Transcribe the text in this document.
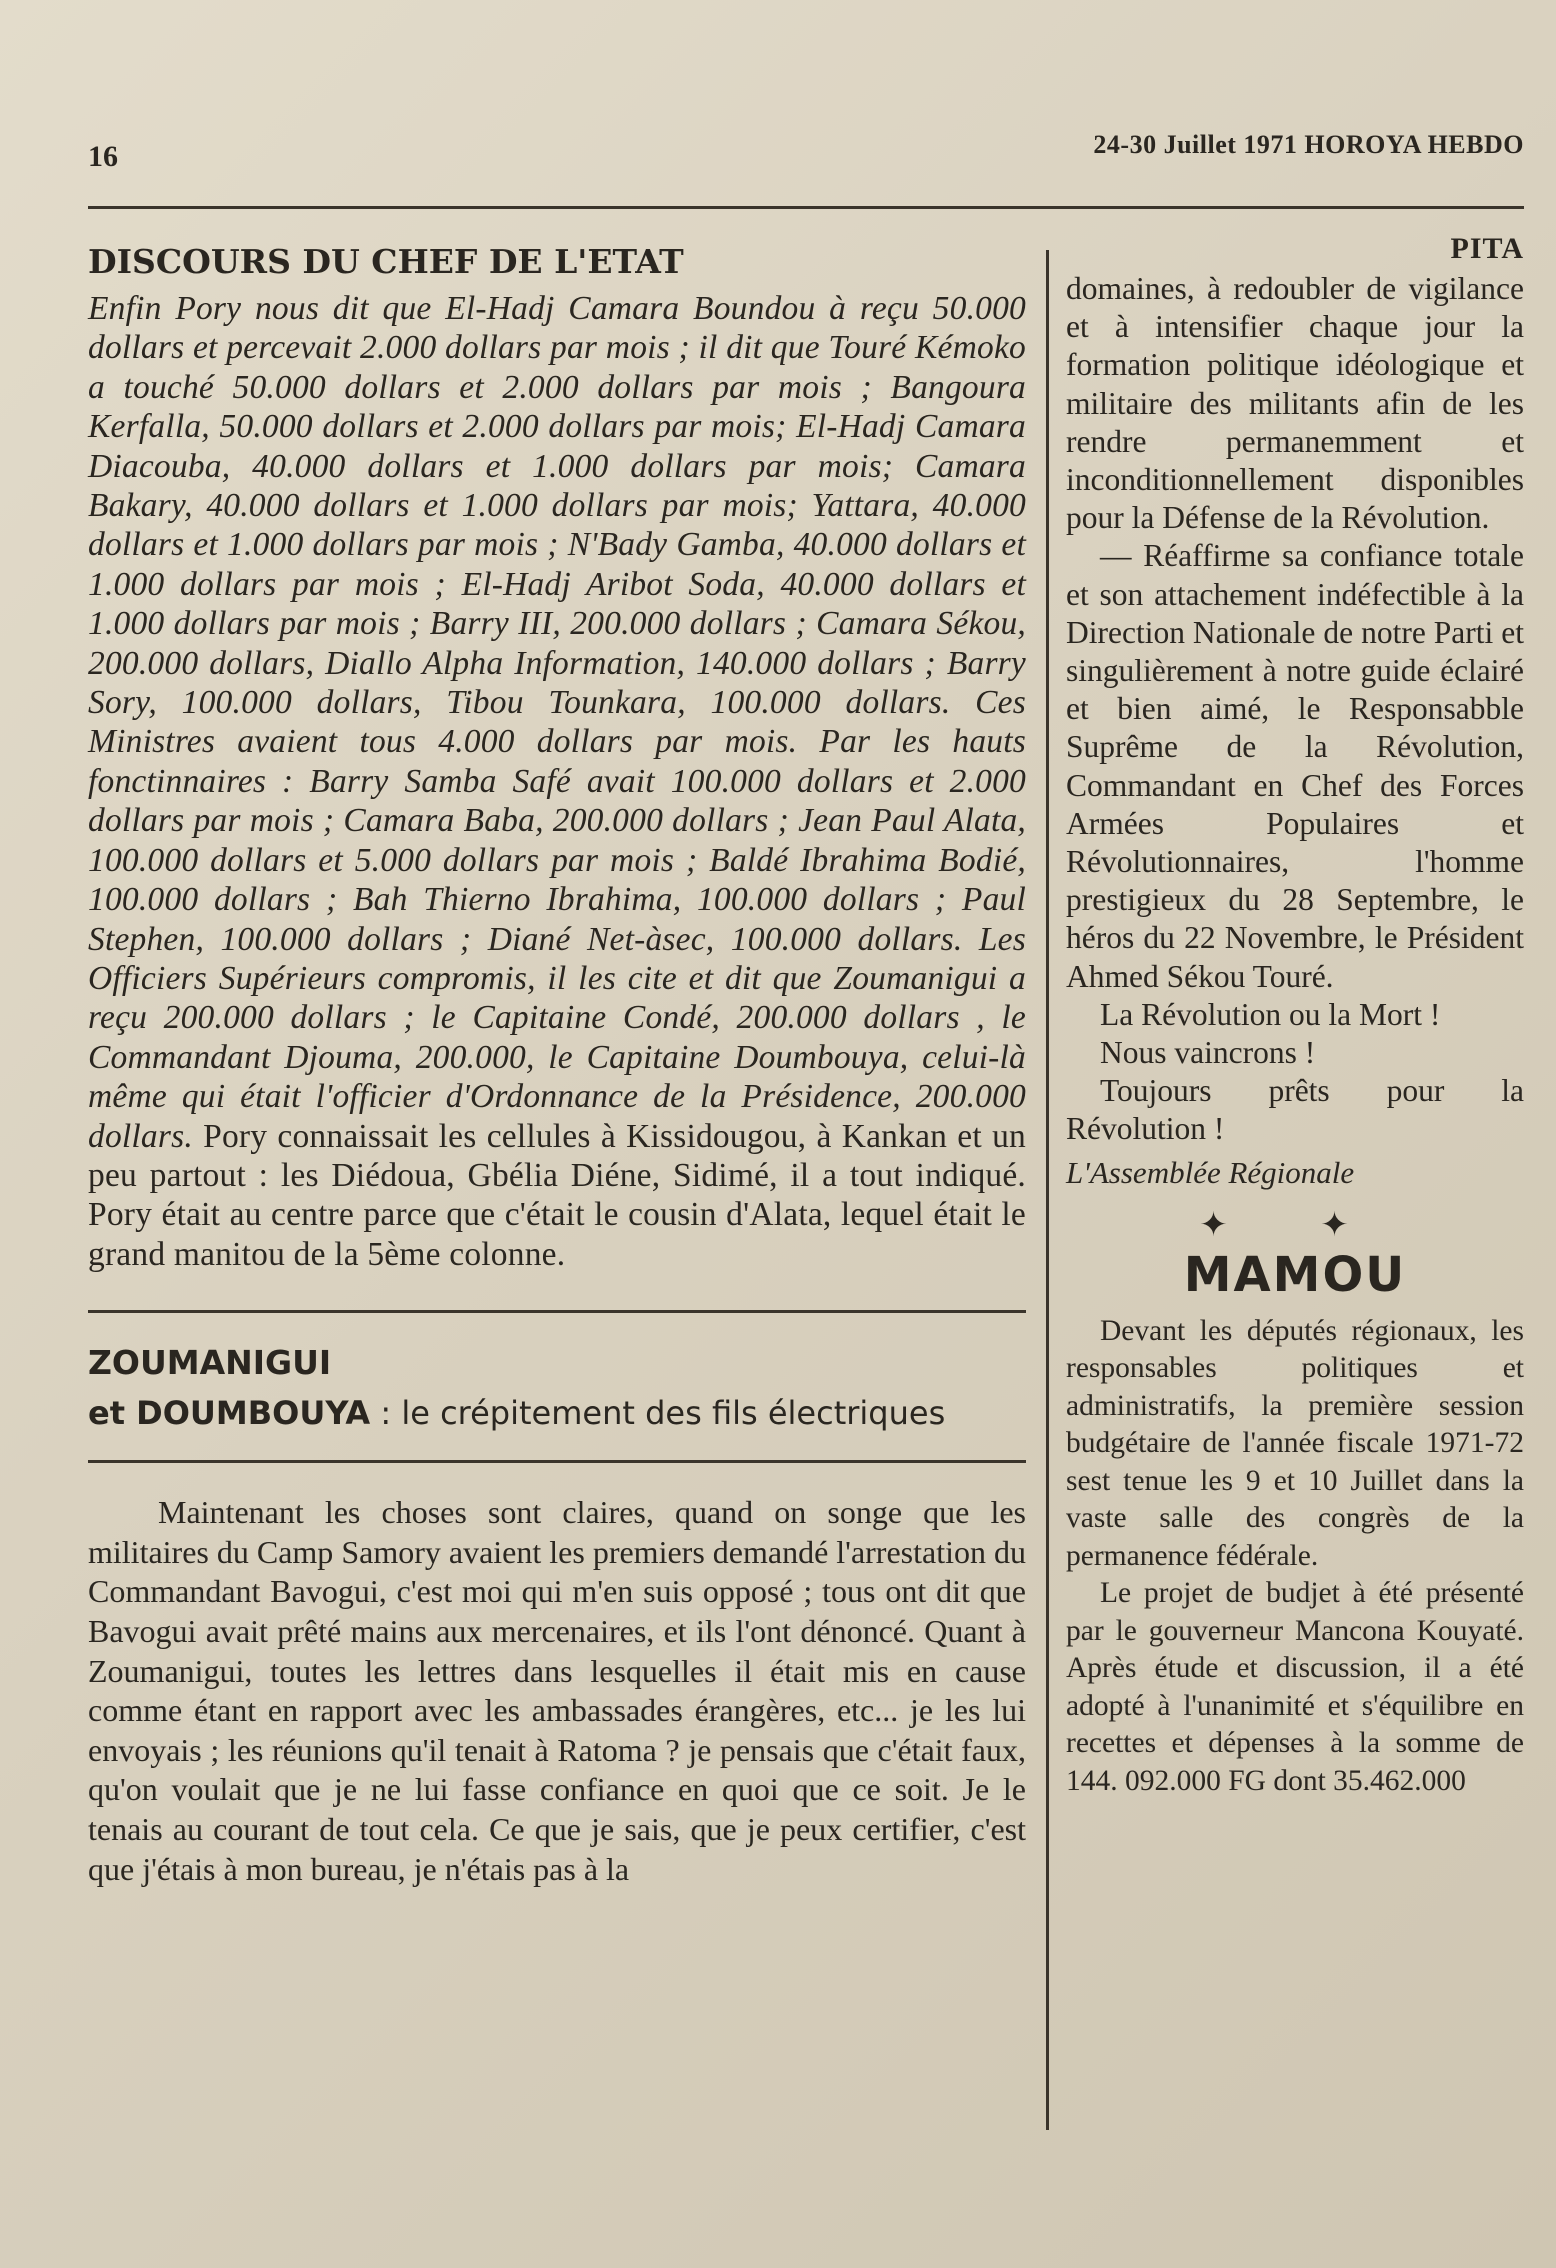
16	24-30 Juillet 1971 HOROYA HEBDO
DISCOURS DU CHEF DE L'ETAT

Enfin Pory nous dit que El-Hadj Camara Boundou à reçu 50.000 dollars et percevait 2.000 dollars par mois ; il dit que Touré Kémoko a touché 50.000 dollars et 2.000 dollars par mois ; Bangoura Kerfalla, 50.000 dollars et 2.000 dollars par mois; El-Hadj Camara Diacouba, 40.000 dollars et 1.000 dollars par mois; Camara Bakary, 40.000 dollars et 1.000 dollars par mois; Yattara, 40.000 dollars et 1.000 dollars par mois ; N'Bady Gamba, 40.000 dollars et 1.000 dollars par mois ; El-Hadj Aribot Soda, 40.000 dollars et 1.000 dollars par mois ; Barry III, 200.000 dollars ; Camara Sékou, 200.000 dollars, Diallo Alpha Information, 140.000 dollars ; Barry Sory, 100.000 dollars, Tibou Tounkara, 100.000 dollars. Ces Ministres avaient tous 4.000 dollars par mois. Par les hauts fonctinnaires : Barry Samba Safé avait 100.000 dollars et 2.000 dollars par mois ; Camara Baba, 200.000 dollars ; Jean Paul Alata, 100.000 dollars et 5.000 dollars par mois ; Baldé Ibrahima Bodié, 100.000 dollars ; Bah Thierno Ibrahima, 100.000 dollars ; Paul Stephen, 100.000 dollars ; Diané Net-àsec, 100.000 dollars. Les Officiers Supérieurs compromis, il les cite et dit que Zoumanigui a reçu 200.000 dollars ; le Capitaine Condé, 200.000 dollars , le Commandant Djouma, 200.000, le Capitaine Doumbouya, celui-là même qui était l'officier d'Ordonnance de la Présidence, 200.000 dollars. Pory connaissait les cellules à Kissidougou, à Kankan et un peu partout : les Diédoua, Gbélia Diéne, Sidimé, il a tout indiqué. Pory était au centre parce que c'était le cousin d'Alata, lequel était le grand manitou de la 5ème colonne.

ZOUMANIGUI
et DOUMBOUYA : le crépitement des fils électriques

Maintenant les choses sont claires, quand on songe que les militaires du Camp Samory avaient les premiers demandé l'arrestation du Commandant Bavogui, c'est moi qui m'en suis opposé ; tous ont dit que Bavogui avait prêté mains aux mercenaires, et ils l'ont dénoncé. Quant à Zoumanigui, toutes les lettres dans lesquelles il était mis en cause comme étant en rapport avec les ambassades érangères, etc... je les lui envoyais ; les réunions qu'il tenait à Ratoma ? je pensais que c'était faux, qu'on voulait que je ne lui fasse confiance en quoi que ce soit. Je le tenais au courant de tout cela. Ce que je sais, que je peux certifier, c'est que j'étais à mon bureau, je n'étais pas à la

PITA

domaines, à redoubler de vigilance et à intensifier chaque jour la formation politique idéologique et militaire des militants afin de les rendre permanemment et inconditionnellement disponibles pour la Défense de la Révolution.

— Réaffirme sa confiance totale et son attachement indéfectible à la Direction Nationale de notre Parti et singulièrement à notre guide éclairé et bien aimé, le Responsabble Suprême de la Révolution, Commandant en Chef des Forces Armées Populaires et Révolutionnaires, l'homme prestigieux du 28 Septembre, le héros du 22 Novembre, le Président Ahmed Sékou Touré.

La Révolution ou la Mort !

Nous vaincrons !

Toujours prêts pour la Révolution !

L'Assemblée Régionale

✦ ✦
MAMOU

Devant les députés régionaux, les responsables politiques et administratifs, la première session budgétaire de l'année fiscale 1971-72 sest tenue les 9 et 10 Juillet dans la vaste salle des congrès de la permanence fédérale.

Le projet de budjet à été présenté par le gouverneur Mancona Kouyaté. Après étude et discussion, il a été adopté à l'unanimité et s'équilibre en recettes et dépenses à la somme de 144. 092.000 FG dont 35.462.000
